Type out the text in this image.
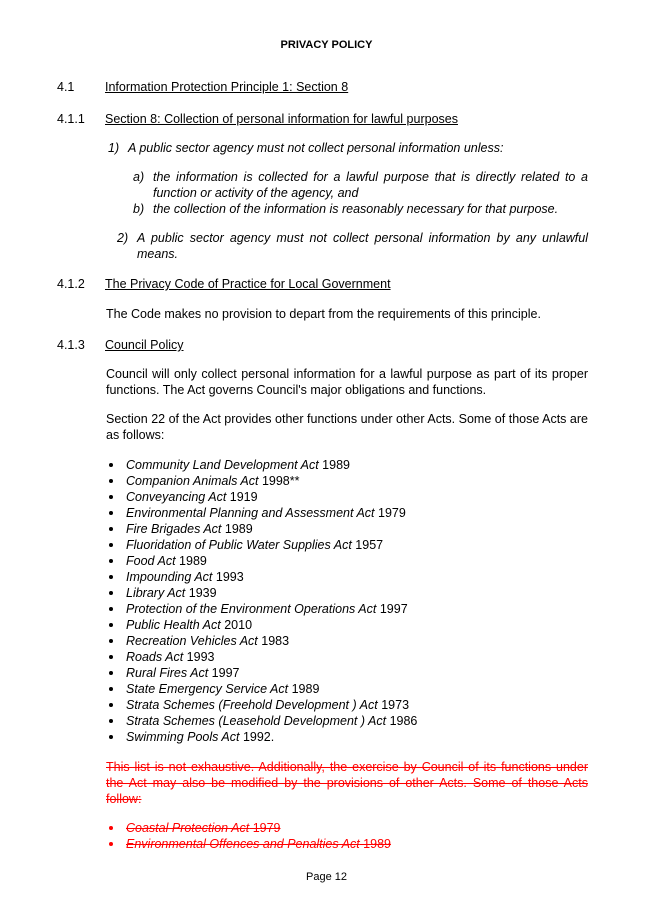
PRIVACY POLICY
4.1 Information Protection Principle 1: Section 8
4.1.1 Section 8: Collection of personal information for lawful purposes
1) A public sector agency must not collect personal information unless:
a) the information is collected for a lawful purpose that is directly related to a function or activity of the agency, and
b) the collection of the information is reasonably necessary for that purpose.
2) A public sector agency must not collect personal information by any unlawful means.
4.1.2 The Privacy Code of Practice for Local Government
The Code makes no provision to depart from the requirements of this principle.
4.1.3 Council Policy
Council will only collect personal information for a lawful purpose as part of its proper functions. The Act governs Council's major obligations and functions.
Section 22 of the Act provides other functions under other Acts. Some of those Acts are as follows:
Community Land Development Act 1989
Companion Animals Act 1998**
Conveyancing Act 1919
Environmental Planning and Assessment Act 1979
Fire Brigades Act 1989
Fluoridation of Public Water Supplies Act 1957
Food Act 1989
Impounding Act 1993
Library Act 1939
Protection of the Environment Operations Act 1997
Public Health Act 2010
Recreation Vehicles Act 1983
Roads Act 1993
Rural Fires Act 1997
State Emergency Service Act 1989
Strata Schemes (Freehold Development ) Act 1973
Strata Schemes (Leasehold Development ) Act 1986
Swimming Pools Act 1992.
This list is not exhaustive. Additionally, the exercise by Council of its functions under the Act may also be modified by the provisions of other Acts. Some of those Acts follow:
Coastal Protection Act 1979
Environmental Offences and Penalties Act 1989
Page 12
